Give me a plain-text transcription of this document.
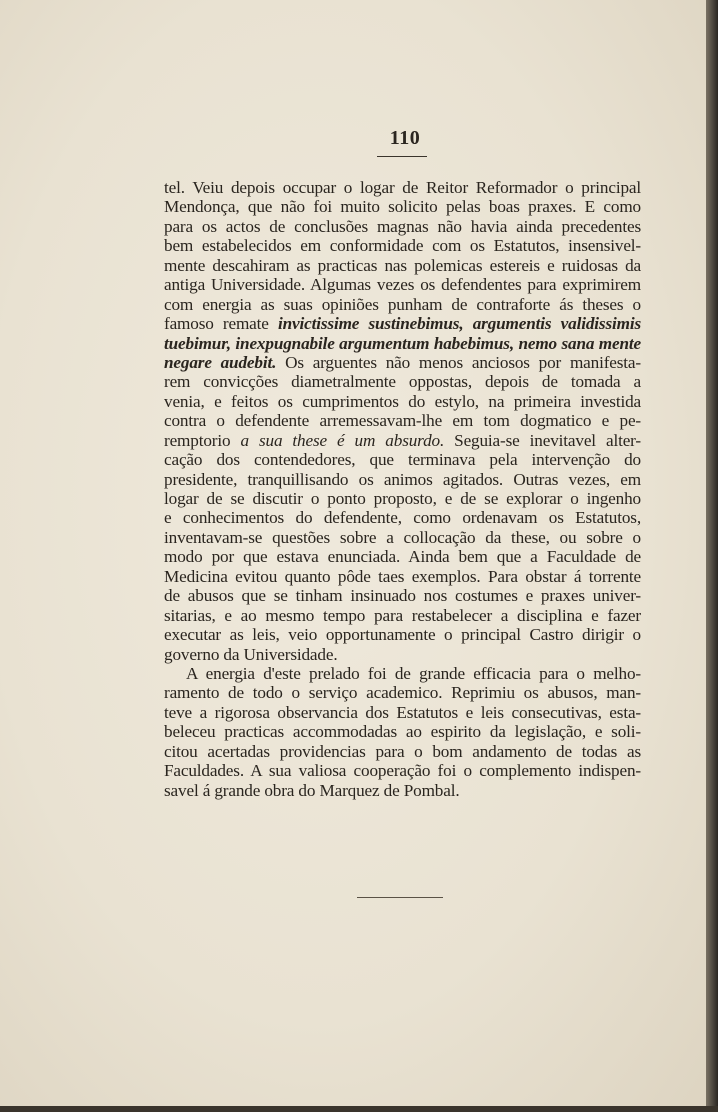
110
tel. Veiu depois occupar o logar de Reitor Reformador o principal
Mendonça, que não foi muito solicito pelas boas praxes. E como
para os actos de conclusões magnas não havia ainda precedentes
bem estabelecidos em conformidade com os Estatutos, insensivel-
mente descahiram as practicas nas polemicas estereis e ruidosas da
antiga Universidade. Algumas vezes os defendentes para exprimirem
com energia as suas opiniões punham de contraforte ás theses o
famoso remate invictissime sustinebimus, argumentis validissimis
tuebimur, inexpugnabile argumentum habebimus, nemo sana mente
negare audebit. Os arguentes não menos anciosos por manifesta-
rem convicções diametralmente oppostas, depois de tomada a
venia, e feitos os cumprimentos do estylo, na primeira investida
contra o defendente arremessavam-lhe em tom dogmatico e pe-
remptorio a sua these é um absurdo. Seguia-se inevitavel alter-
cação dos contendedores, que terminava pela intervenção do
presidente, tranquillisando os animos agitados. Outras vezes, em
logar de se discutir o ponto proposto, e de se explorar o ingenho
e conhecimentos do defendente, como ordenavam os Estatutos,
inventavam-se questões sobre a collocação da these, ou sobre o
modo por que estava enunciada. Ainda bem que a Faculdade de
Medicina evitou quanto pôde taes exemplos. Para obstar á torrente
de abusos que se tinham insinuado nos costumes e praxes univer-
sitarias, e ao mesmo tempo para restabelecer a disciplina e fazer
executar as leis, veio opportunamente o principal Castro dirigir o
governo da Universidade.
A energia d'este prelado foi de grande efficacia para o melho-
ramento de todo o serviço academico. Reprimiu os abusos, man-
teve a rigorosa observancia dos Estatutos e leis consecutivas, esta-
beleceu practicas accommodadas ao espirito da legislação, e soli-
citou acertadas providencias para o bom andamento de todas as
Faculdades. A sua valiosa cooperação foi o complemento indispen-
savel á grande obra do Marquez de Pombal.
